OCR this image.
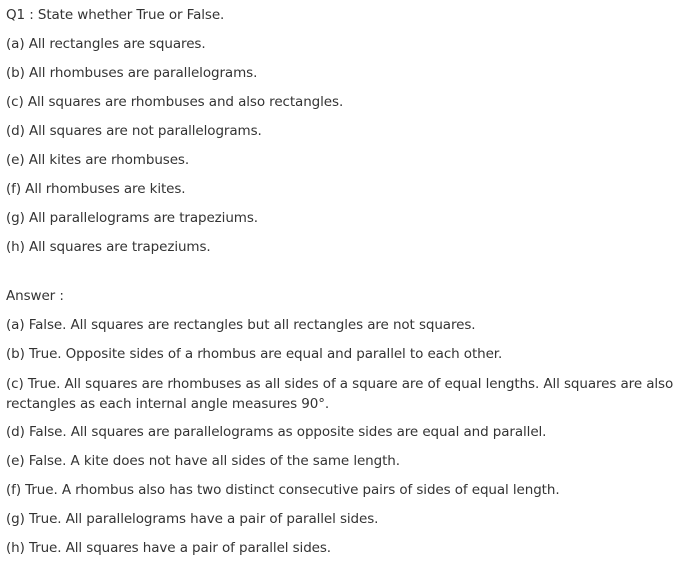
Q1 : State whether True or False.
(a) All rectangles are squares.
(b) All rhombuses are parallelograms.
(c) All squares are rhombuses and also rectangles.
(d) All squares are not parallelograms.
(e) All kites are rhombuses.
(f) All rhombuses are kites.
(g) All parallelograms are trapeziums.
(h) All squares are trapeziums.
Answer :
(a) False. All squares are rectangles but all rectangles are not squares.
(b) True. Opposite sides of a rhombus are equal and parallel to each other.
(c) True. All squares are rhombuses as all sides of a square are of equal lengths. All squares are also rectangles as each internal angle measures 90°.
(d) False. All squares are parallelograms as opposite sides are equal and parallel.
(e) False. A kite does not have all sides of the same length.
(f) True. A rhombus also has two distinct consecutive pairs of sides of equal length.
(g) True. All parallelograms have a pair of parallel sides.
(h) True. All squares have a pair of parallel sides.
